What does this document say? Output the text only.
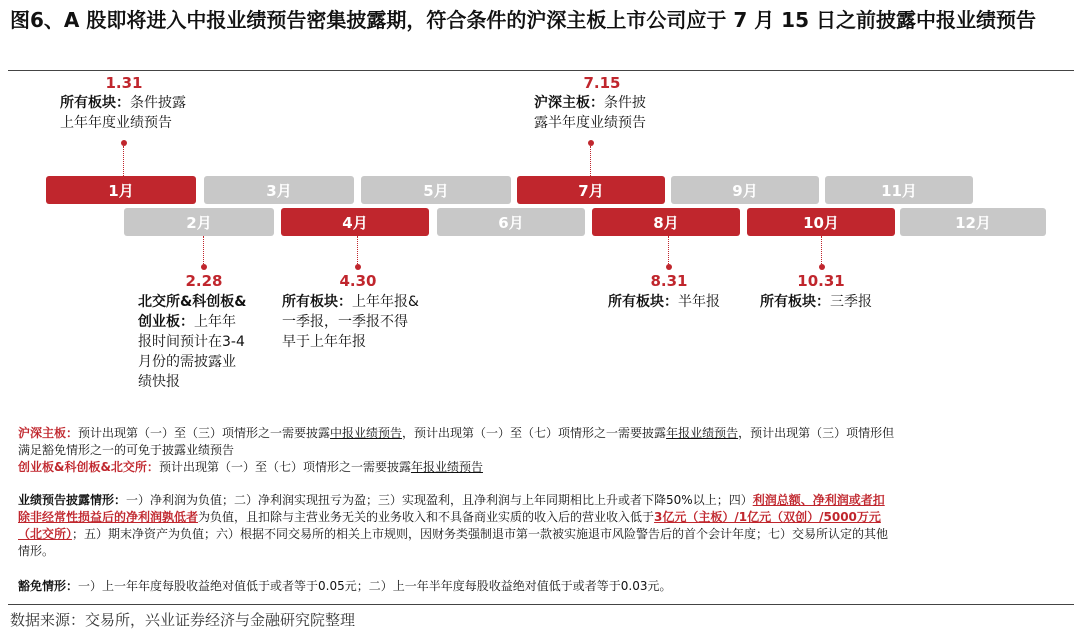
图6、A 股即将进入中报业绩预告密集披露期，符合条件的沪深主板上市公司应于 7 月 15 日之前披露中报业绩预告
1月	3月	5月	7月	9月	11月
2月	4月	6月	8月	10月	12月
1.31
所有板块：条件披露
上年年度业绩预告
7.15
沪深主板：条件披
露半年度业绩预告
2.28
北交所&科创板&
创业板：上年年
报时间预计在3-4
月份的需披露业
绩快报
4.30
所有板块：上年年报&
一季报，一季报不得
早于上年年报
8.31
所有板块：半年报
10.31
所有板块：三季报
沪深主板：预计出现第（一）至（三）项情形之一需要披露中报业绩预告，预计出现第（一）至（七）项情形之一需要披露年报业绩预告，预计出现第（三）项情形但
满足豁免情形之一的可免于披露业绩预告
创业板&科创板&北交所：预计出现第（一）至（七）项情形之一需要披露年报业绩预告
业绩预告披露情形：一）净利润为负值；二）净利润实现扭亏为盈；三）实现盈利，且净利润与上年同期相比上升或者下降50%以上；四）利润总额、净利润或者扣
除非经常性损益后的净利润孰低者为负值，且扣除与主营业务无关的业务收入和不具备商业实质的收入后的营业收入低于3亿元（主板）/1亿元（双创）/5000万元
（北交所）；五）期末净资产为负值；六）根据不同交易所的相关上市规则，因财务类强制退市第一款被实施退市风险警告后的首个会计年度；七）交易所认定的其他
情形。
豁免情形：一）上一年年度每股收益绝对值低于或者等于0.05元；二）上一年半年度每股收益绝对值低于或者等于0.03元。
数据来源：交易所，兴业证券经济与金融研究院整理
